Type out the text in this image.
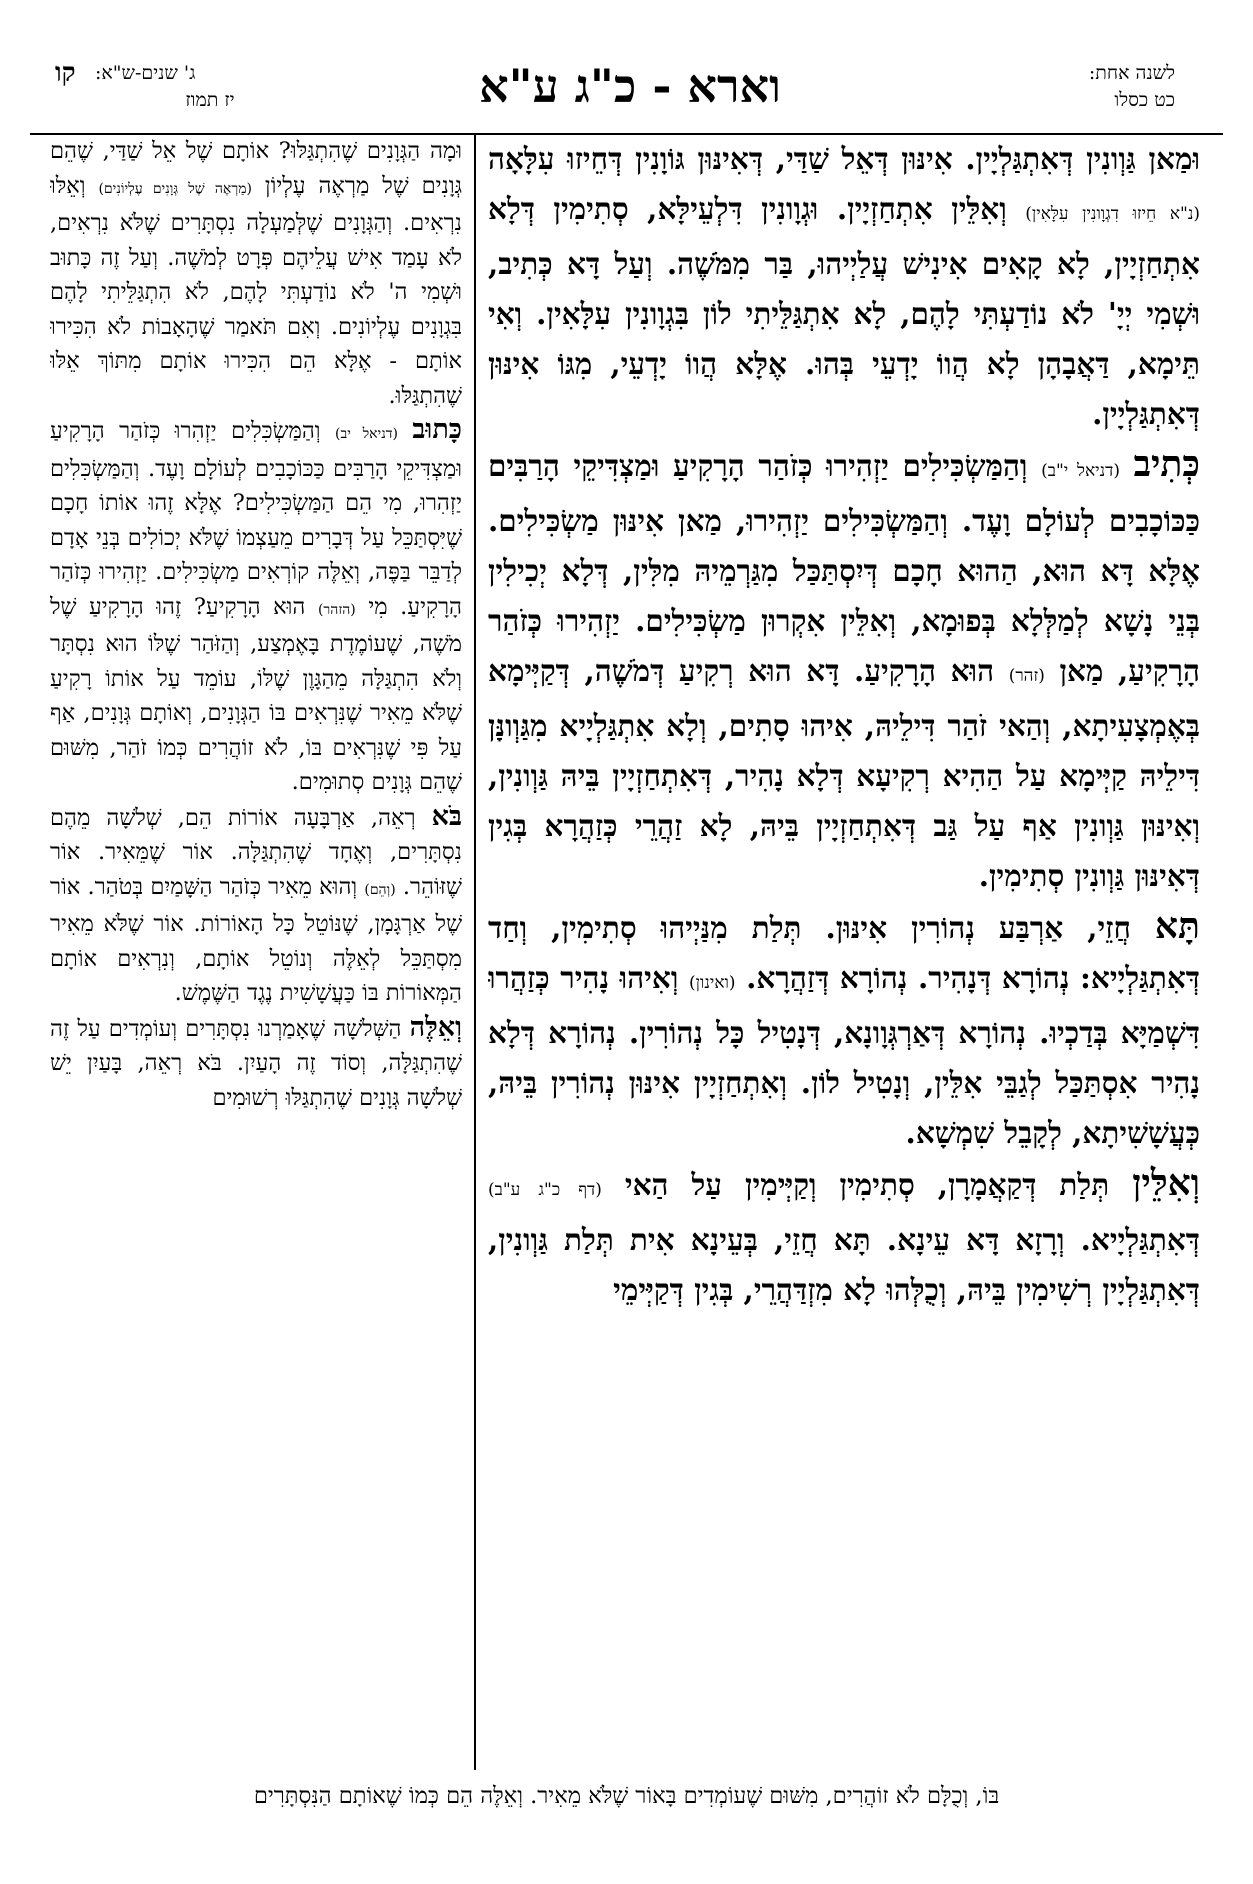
לשנה אחת:
כט כסלו
וארא - כ"ג ע"א
קו ג' שנים-ש"א:
יז תמוז

וּמַאן גַּוְונִין דְּאִתְגַּלְיָין. אִינּוּן דְּאֵל שַׁדַּי, דְּאִינּוּן גּוֹוָנִין דְּחֵיזוּ עִלָּאָה (נ"א חֵיזוּ דִגְוָונִין עִלָּאִין) וְאִלֵּין אִתְחַזְיָין. וּגְוָונִין דִּלְעֵילָּא, סְתִימִין דְּלָא אִתְחַזְיָין, לָא קָאִים אִינִישׁ עֲלַיְיהוּ, בַּר מִמֹּשֶׁה. וְעַל דָּא כְּתִיב, וּשְׁמִי יְיָ' לֹא נוֹדַעְתִּי לָהֶם, לָא אִתְגַּלֵּיתִי לוֹן בִּגְוָונִין עִלָּאִין. וְאִי תֵּימָא, דַּאֲבָהָן לָא הֲווֹ יָדְעֵי בְּהוּ. אֶלָּא הֲווֹ יָדְעֵי, מִגּוֹ אִינּוּן דְּאִתְגַּלְיָין.

כְּתִיב (דניאל י"ב) וְהַמַּשְׂכִּילִים יַזְהִירוּ כְּזֹהַר הָרָקִיעַ וּמַצְדִּיקֵי הָרַבִּים כַּכּוֹכָבִים לְעוֹלָם וָעֶד. וְהַמַּשְׂכִּילִים יַזְהִירוּ, מַאן אִינּוּן מַשְׂכִּילִים. אֶלָּא דָּא הוּא, הַהוּא חָכָם דְּיִסְתַּכַּל מִגַּרְמֵיהּ מִלִּין, דְּלָא יְכִילִין בְּנֵי נָשָׁא לְמַלְּלָא בְּפוּמָא, וְאִלֵּין אִקְרוּן מַשְׂכִּילִים. יַזְהִירוּ כְּזֹהַר הָרָקִיעַ, מַאן (זהר) הוּא הָרָקִיעַ. דָּא הוּא רְקִיעַ דְּמֹשֶׁה, דְּקַיְּימָא בְּאֶמְצָעִיתָא, וְהַאי זֹהַר דִּילֵיהּ, אִיהוּ סָתִים, וְלָא אִתְגַּלְיָיא מִגַּוְונָּן דִּילֵיהּ קַיְּימָא עַל הַהִיא רְקִיעָא דְּלָא נָהִיר, דְּאִתְחַזְיָין בֵּיהּ גַּוְונִין, וְאִינּוּן גַּוְונִין אַף עַל גַּב דְּאִתְחַזְיָין בֵּיהּ, לָא זַהֲרֵי כְּזַהֲרָא בְּגִין דְּאִינּוּן גַּוְונִין סְתִימִין.

תָּא חֲזֵי, אַרְבַּע נְהוֹרִין אִינּוּן. תְּלַת מִנַּיְיהוּ סְתִימִין, וְחַד דְּאִתְגַּלְיָיא: נְהוֹרָא דְּנָהִיר. נְהוֹרָא דְּזַהֲרָא. (ואינון) וְאִיהוּ נָהִיר כְּזַהֲרוּ דִּשְׁמַיָּא בְּדַכְיוּ. נְהוֹרָא דְּאַרְגְּוָונָא, דְּנָטִיל כָּל נְהוֹרִין. נְהוֹרָא דְּלָא נָהִיר אִסְתַּכַּל לְגַבֵּי אִלֵּין, וְנָטִיל לוֹן. וְאִתְחַזְיָין אִינּוּן נְהוֹרִין בֵּיהּ, כְּעֲשָׁשִׁיתָא, לְקָבֵל שִׁמְשָׁא.

וְאִלֵּין תְּלַת דְּקַאֲמָרָן, סְתִימִין וְקַיְּימִין עַל הַאי (דף כ"ג ע"ב) דְּאִתְגַּלְיָיא. וְרָזָא דָּא עֵינָא. תָּא חֲזֵי, בְּעֵינָא אִית תְּלַת גַּוְונִין, דְּאִתְגַּלְיָין רְשִׁימִין בֵּיהּ, וְכֻלְּהוּ לָא מִזְדַּהֲרֵי, בְּגִין דְּקַיְּימֵי

וּמָה הַגְּוָנִים שֶׁהִתְגַּלּוּ? אוֹתָם שֶׁל אֵל שַׁדַּי, שֶׁהֵם גְּוָנִים שֶׁל מַרְאֶה עֶלְיוֹן (מַרְאֶה שֶׁל גְּוָנִים עֶלְיוֹנִים) וְאֵלּוּ נִרְאִים. וְהַגְּוָנִים שֶׁלְּמַעְלָה נִסְתָּרִים שֶׁלֹּא נִרְאִים, לֹא עָמַד אִישׁ עֲלֵיהֶם פְּרָט לְמֹשֶׁה. וְעַל זֶה כָּתוּב וּשְׁמִי ה' לֹא נוֹדַעְתִּי לָהֶם, לֹא הִתְגַּלֵּיתִי לָהֶם בִּגְוָנִים עֶלְיוֹנִים. וְאִם תֹּאמַר שֶׁהָאָבוֹת לֹא הִכִּירוּ אוֹתָם - אֶלָּא הֵם הִכִּירוּ אוֹתָם מִתּוֹךְ אֵלּוּ שֶׁהִתְגַּלּוּ.

כָּתוּב (דניאל יב) וְהַמַּשְׂכִּלִים יַזְהִרוּ כְּזֹהַר הָרָקִיעַ וּמַצְדִּיקֵי הָרַבִּים כַּכּוֹכָבִים לְעוֹלָם וָעֶד. וְהַמַּשְׂכִּלִים יַזְהִרוּ, מִי הֵם הַמַּשְׂכִּילִים? אֶלָּא זֶהוּ אוֹתוֹ חָכָם שֶׁיִּסְתַּכֵּל עַל דְּבָרִים מֵעַצְמוֹ שֶׁלֹּא יְכוֹלִים בְּנֵי אָדָם לְדַבֵּר בַּפֶּה, וְאֵלֶּה קוֹרְאִים מַשְׂכִּילִים. יַזְהִירוּ כְּזֹהַר הָרָקִיעַ. מִי (הזהר) הוּא הָרָקִיעַ? זֶהוּ הָרָקִיעַ שֶׁל מֹשֶׁה, שֶׁעוֹמֶדֶת בָּאֶמְצַע, וְהַזֹּהַר שֶׁלּוֹ הוּא נִסְתָּר וְלֹא הִתְגַּלָּה מֵהַגָּוֶן שֶׁלּוֹ, עוֹמֵד עַל אוֹתוֹ רָקִיעַ שֶׁלֹּא מֵאִיר שֶׁנִּרְאִים בּוֹ הַגְּוָנִים, וְאוֹתָם גְּוָנִים, אַף עַל פִּי שֶׁנִּרְאִים בּוֹ, לֹא זוֹהֲרִים כְּמוֹ זֹהַר, מִשּׁוּם שֶׁהֵם גְּוָנִים סְתוּמִים.

בֹּא רְאֵה, אַרְבָּעָה אוֹרוֹת הֵם, שְׁלֹשָׁה מֵהֶם נִסְתָּרִים, וְאֶחָד שֶׁהִתְגַּלָּה. אוֹר שֶׁמֵּאִיר. אוֹר שֶׁזּוֹהֵר. (וְהֵם) וְהוּא מֵאִיר כְּזֹהַר הַשָּׁמַיִם בְּטֹהַר. אוֹר שֶׁל אַרְגָּמָן, שֶׁנּוֹטֵל כָּל הָאוֹרוֹת. אוֹר שֶׁלֹּא מֵאִיר מִסְתַּכֵּל לְאֵלֶּה וְנוֹטֵל אוֹתָם, וְנִרְאִים אוֹתָם הַמְּאוֹרוֹת בּוֹ כַּעֲשָׁשִׁית נֶגֶד הַשֶּׁמֶשׁ.

וְאֵלֶּה הַשְּׁלֹשָׁה שֶׁאָמַרְנוּ נִסְתָּרִים וְעוֹמְדִים עַל זֶה שֶׁהִתְגַּלָּה, וְסוֹד זֶה הָעַיִן. בֹּא רְאֵה, בָּעַיִן יֵשׁ שְׁלֹשָׁה גְּוָנִים שֶׁהִתְגַּלּוּ רְשׁוּמִים

בּוֹ, וְכֻלָּם לֹא זוֹהֲרִים, מִשּׁוּם שֶׁעוֹמְדִים בָּאוֹר שֶׁלֹּא מֵאִיר. וְאֵלֶּה הֵם כְּמוֹ שֶׁאוֹתָם הַנִּסְתָּרִים
